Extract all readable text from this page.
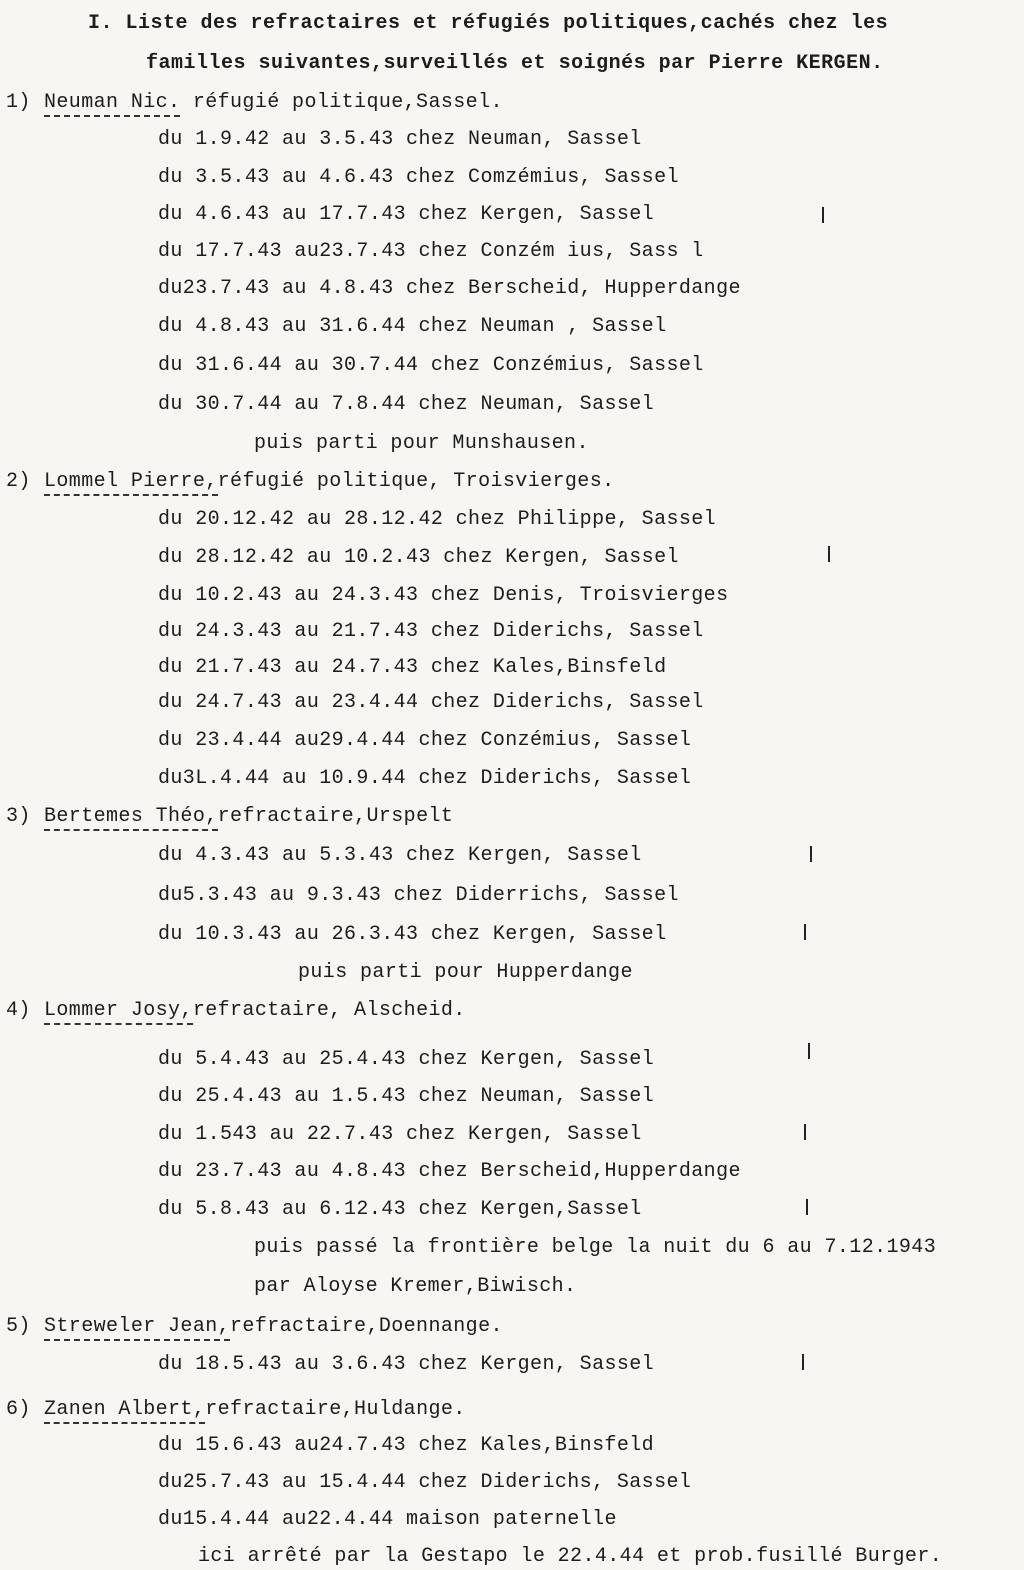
I. Liste des refractaires et réfugiés politiques,cachés chez les
familles suivantes,surveillés et soignés par Pierre KERGEN.
1) Neuman Nic. réfugié politique,Sassel.
du 1.9.42 au 3.5.43 chez Neuman, Sassel
du 3.5.43 au 4.6.43 chez Comzémius, Sassel
du 4.6.43 au 17.7.43 chez Kergen, Sassel
du 17.7.43 au23.7.43 chez Conzém ius, Sass l
du23.7.43 au 4.8.43 chez Berscheid, Hupperdange
du 4.8.43 au 31.6.44 chez Neuman , Sassel
du 31.6.44 au 30.7.44 chez Conzémius, Sassel
du 30.7.44 au 7.8.44 chez Neuman, Sassel
puis parti pour Munshausen.
2) Lommel Pierre,réfugié politique, Troisvierges.
du 20.12.42 au 28.12.42 chez Philippe, Sassel
du 28.12.42 au 10.2.43 chez Kergen, Sassel
du 10.2.43 au 24.3.43 chez Denis, Troisvierges
du 24.3.43 au 21.7.43 chez Diderichs, Sassel
du 21.7.43 au 24.7.43 chez Kales,Binsfeld
du 24.7.43 au 23.4.44 chez Diderichs, Sassel
du 23.4.44 au29.4.44 chez Conzémius, Sassel
du3L.4.44 au 10.9.44 chez Diderichs, Sassel
3) Bertemes Théo,refractaire,Urspelt
du 4.3.43 au 5.3.43 chez Kergen, Sassel
du5.3.43 au 9.3.43 chez Diderrichs, Sassel
du 10.3.43 au 26.3.43 chez Kergen, Sassel
puis parti pour Hupperdange
4) Lommer Josy,refractaire, Alscheid.
du 5.4.43 au 25.4.43 chez Kergen, Sassel
du 25.4.43 au 1.5.43 chez Neuman, Sassel
du 1.543 au 22.7.43 chez Kergen, Sassel
du 23.7.43 au 4.8.43 chez Berscheid,Hupperdange
du 5.8.43 au 6.12.43 chez Kergen,Sassel
puis passé la frontière belge la nuit du 6 au 7.12.1943
par Aloyse Kremer,Biwisch.
5) Streweler Jean,refractaire,Doennange.
du 18.5.43 au 3.6.43 chez Kergen, Sassel
6) Zanen Albert,refractaire,Huldange.
du 15.6.43 au24.7.43 chez Kales,Binsfeld
du25.7.43 au 15.4.44 chez Diderichs, Sassel
du15.4.44 au22.4.44 maison paternelle
ici arrêté par la Gestapo le 22.4.44 et prob.fusillé Burger.
